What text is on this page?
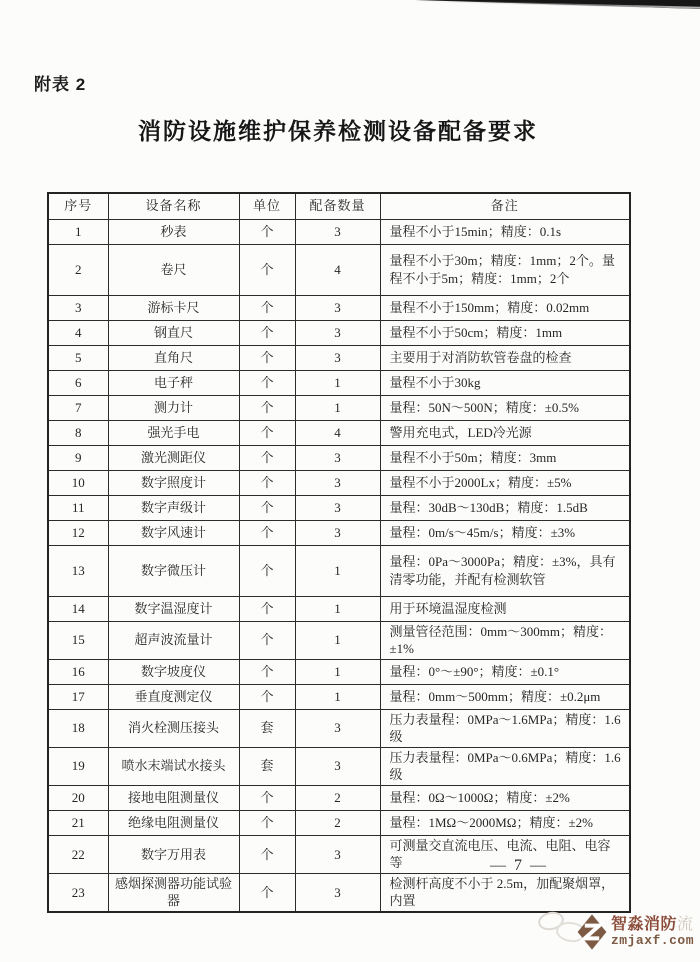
附表 2
消防设施维护保养检测设备配备要求
序号	设备名称	单位	配备数量	备注
1	秒表	个	3	量程不小于15min；精度：0.1s
2	卷尺	个	4	量程不小于30m；精度：1mm；2个。量程不小于5m；精度：1mm；2个
3	游标卡尺	个	3	量程不小于150mm；精度：0.02mm
4	钢直尺	个	3	量程不小于50cm；精度：1mm
5	直角尺	个	3	主要用于对消防软管卷盘的检查
6	电子秤	个	1	量程不小于30kg
7	测力计	个	1	量程：50N～500N；精度：±0.5%
8	强光手电	个	4	警用充电式，LED冷光源
9	激光测距仪	个	3	量程不小于50m；精度：3mm
10	数字照度计	个	3	量程不小于2000Lx；精度：±5%
11	数字声级计	个	3	量程：30dB～130dB；精度：1.5dB
12	数字风速计	个	3	量程：0m/s～45m/s；精度：±3%
13	数字微压计	个	1	量程：0Pa～3000Pa；精度：±3%，具有清零功能，并配有检测软管
14	数字温湿度计	个	1	用于环境温湿度检测
15	超声波流量计	个	1	测量管径范围：0mm～300mm；精度：±1%
16	数字坡度仪	个	1	量程：0°～±90°；精度：±0.1°
17	垂直度测定仪	个	1	量程：0mm～500mm；精度：±0.2μm
18	消火栓测压接头	套	3	压力表量程：0MPa～1.6MPa；精度：1.6 级
19	喷水末端试水接头	套	3	压力表量程：0MPa～0.6MPa；精度：1.6 级
20	接地电阻测量仪	个	2	量程：0Ω～1000Ω；精度：±2%
21	绝缘电阻测量仪	个	2	量程：1MΩ～2000MΩ；精度：±2%
22	数字万用表	个	3	可测量交直流电压、电流、电阻、电容等
23	感烟探测器功能试验器	个	3	检测杆高度不小于 2.5m，加配聚烟罩，内置
— 7 —
智淼消防流
zmjaxf.com
